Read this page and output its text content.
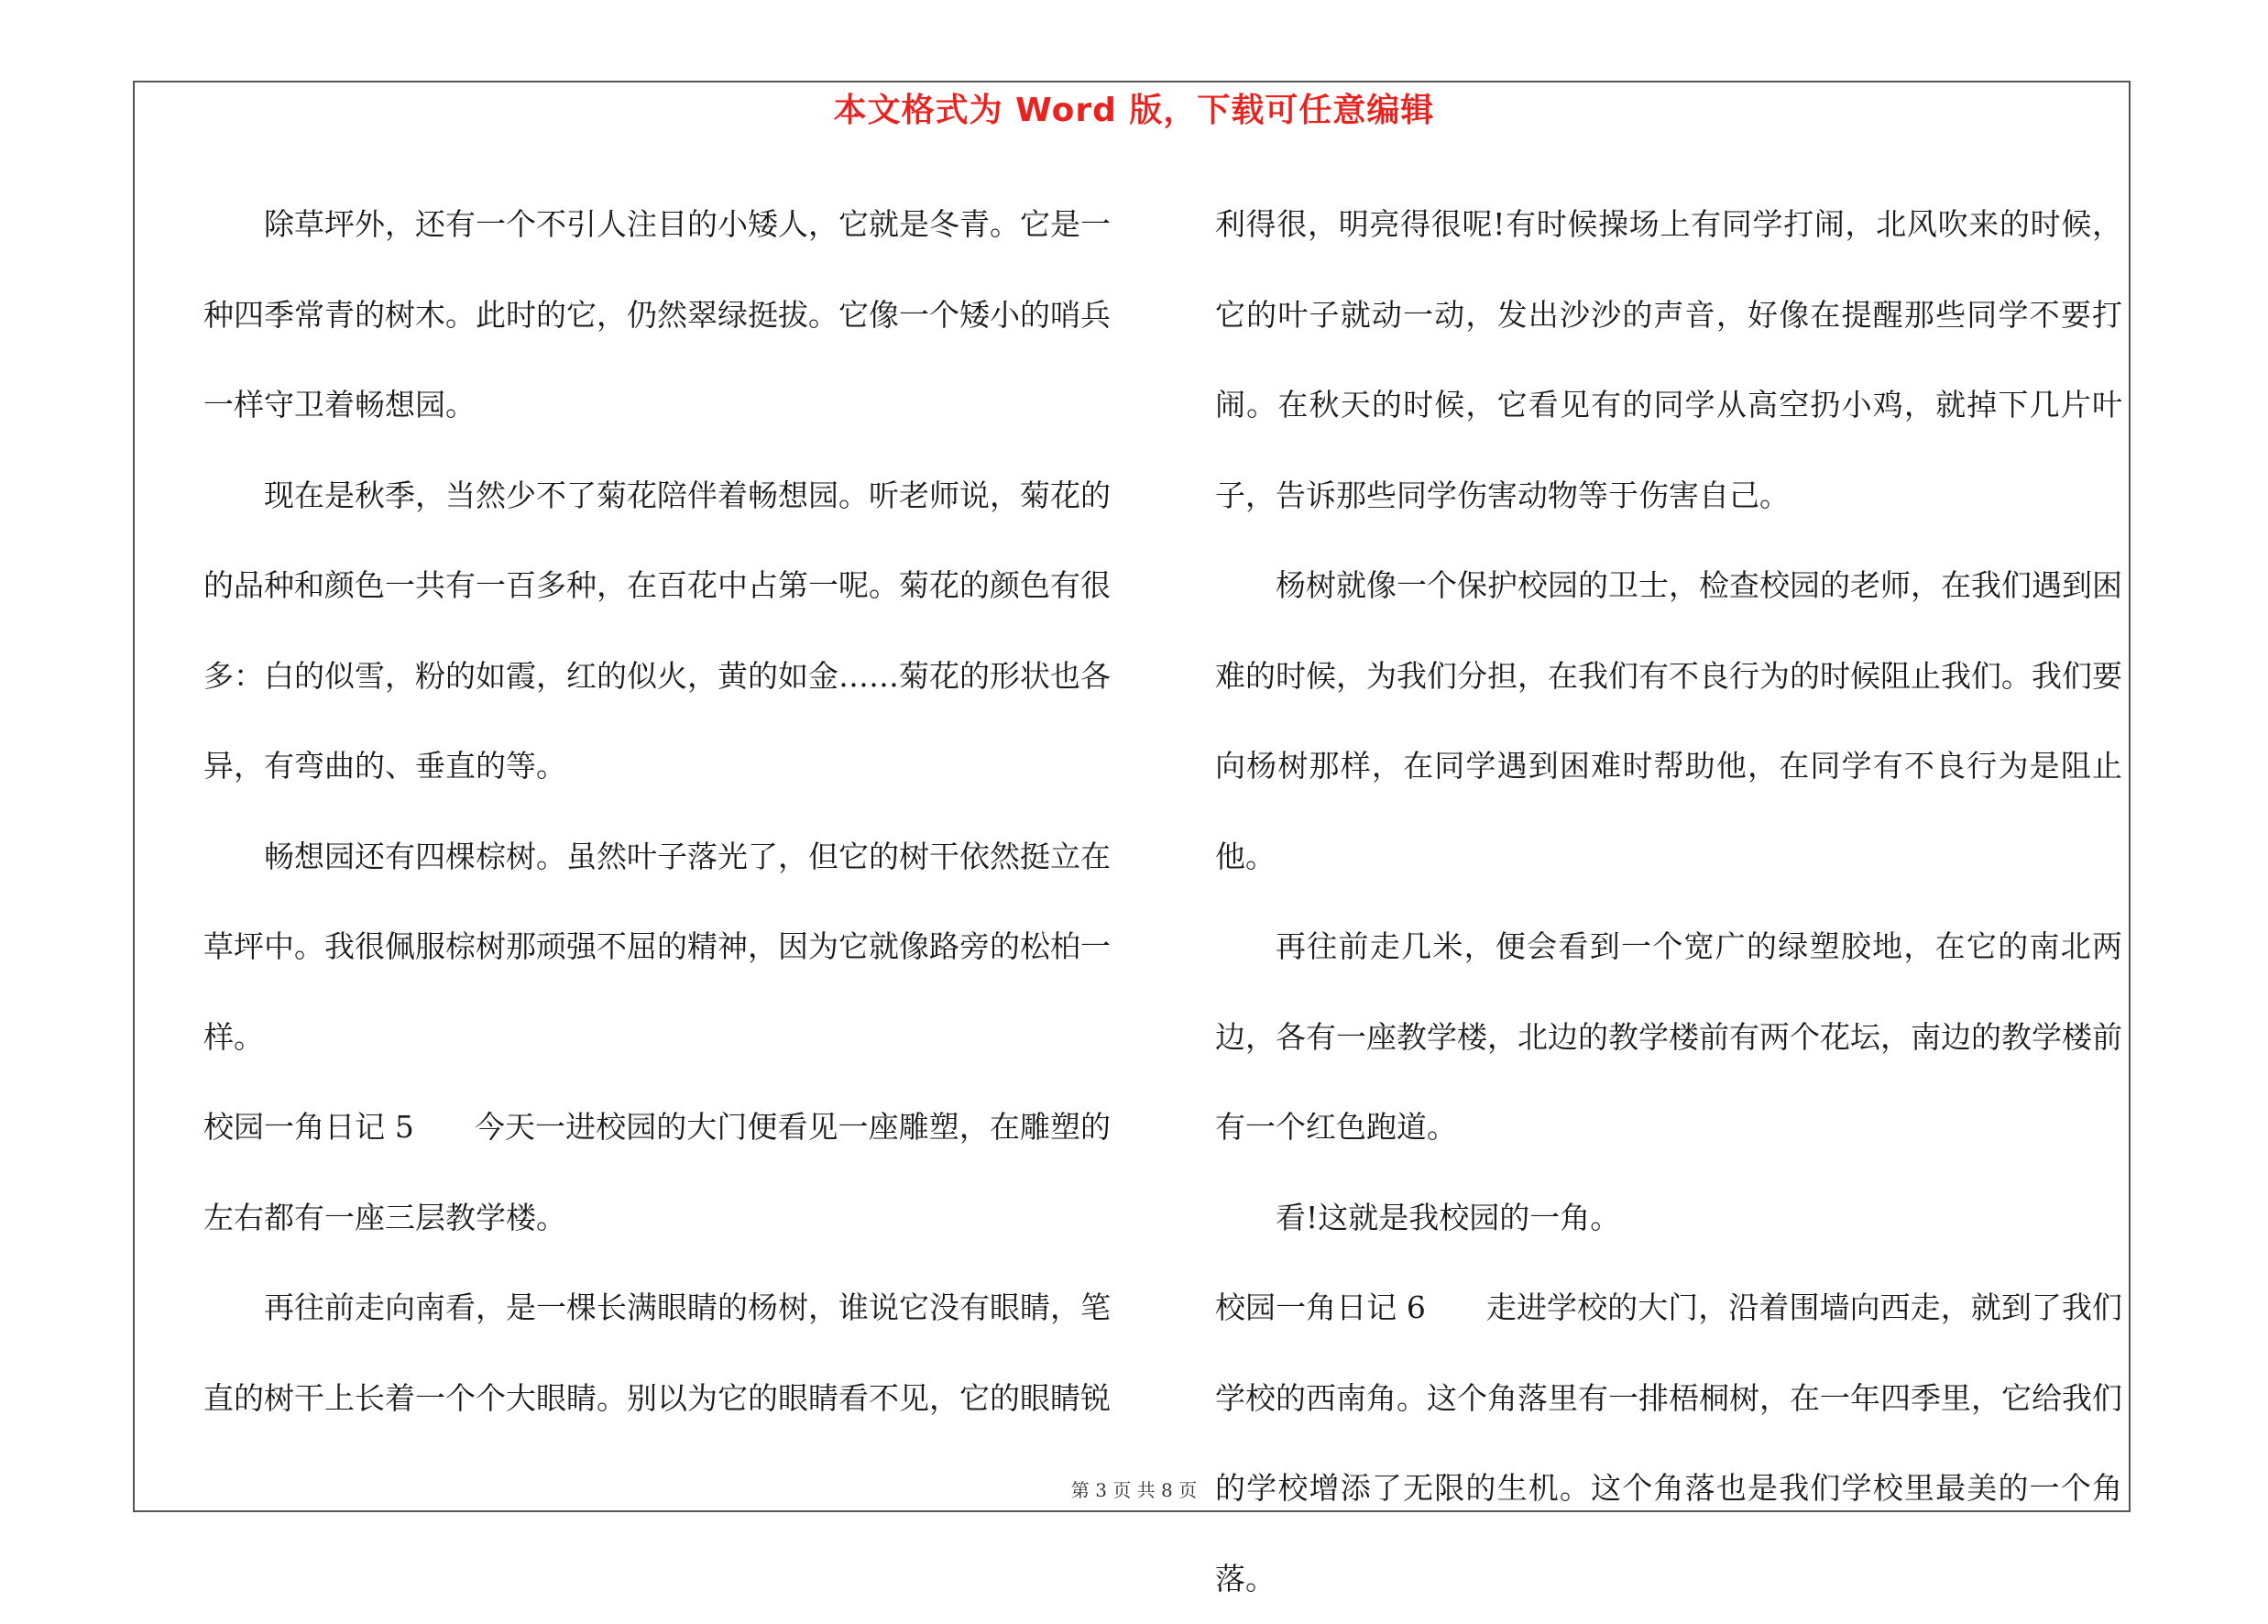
本文格式为 Word 版，下载可任意编辑

除草坪外，还有一个不引人注目的小矮人，它就是冬青。它是一种四季常青的树木。此时的它，仍然翠绿挺拔。它像一个矮小的哨兵一样守卫着畅想园。

现在是秋季，当然少不了菊花陪伴着畅想园。听老师说，菊花的的品种和颜色一共有一百多种，在百花中占第一呢。菊花的颜色有很多：白的似雪，粉的如霞，红的似火，黄的如金……菊花的形状也各异，有弯曲的、垂直的等。

畅想园还有四棵棕树。虽然叶子落光了，但它的树干依然挺立在草坪中。我很佩服棕树那顽强不屈的精神，因为它就像路旁的松柏一样。

校园一角日记 5 今天一进校园的大门便看见一座雕塑，在雕塑的左右都有一座三层教学楼。

再往前走向南看，是一棵长满眼睛的杨树，谁说它没有眼睛，笔直的树干上长着一个个大眼睛。别以为它的眼睛看不见，它的眼睛锐

利得很，明亮得很呢!有时候操场上有同学打闹，北风吹来的时候，它的叶子就动一动，发出沙沙的声音，好像在提醒那些同学不要打闹。在秋天的时候，它看见有的同学从高空扔小鸡，就掉下几片叶子，告诉那些同学伤害动物等于伤害自己。

杨树就像一个保护校园的卫士，检查校园的老师，在我们遇到困难的时候，为我们分担，在我们有不良行为的时候阻止我们。我们要向杨树那样，在同学遇到困难时帮助他，在同学有不良行为是阻止他。

再往前走几米，便会看到一个宽广的绿塑胶地，在它的南北两边，各有一座教学楼，北边的教学楼前有两个花坛，南边的教学楼前有一个红色跑道。

看!这就是我校园的一角。

校园一角日记 6 走进学校的大门，沿着围墙向西走，就到了我们学校的西南角。这个角落里有一排梧桐树，在一年四季里，它给我们的学校增添了无限的生机。这个角落也是我们学校里最美的一个角落。

第 3 页 共 8 页
